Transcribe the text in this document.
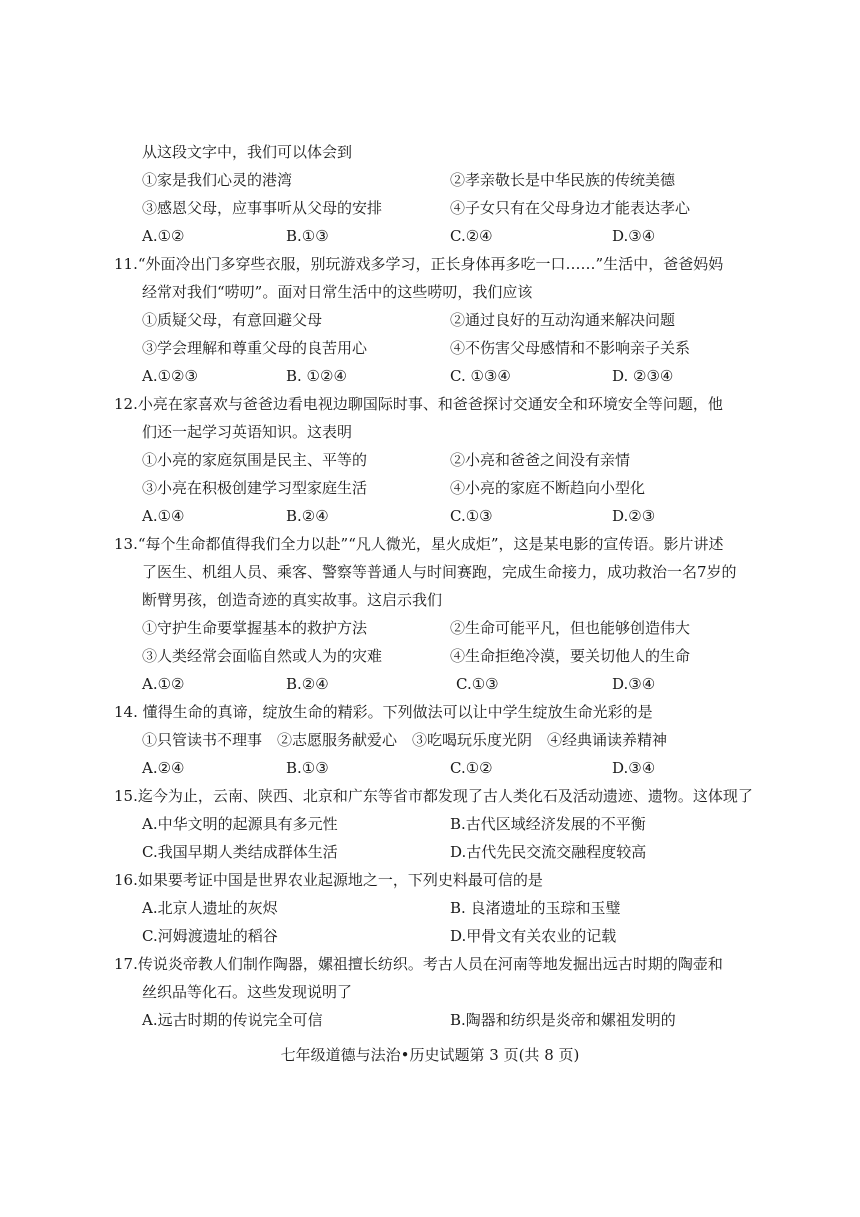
从这段文字中，我们可以体会到
①家是我们心灵的港湾	②孝亲敬长是中华民族的传统美德
③感恩父母，应事事听从父母的安排	④子女只有在父母身边才能表达孝心
A.①②	B.①③	C.②④	D.③④
11.“外面冷出门多穿些衣服，别玩游戏多学习，正长身体再多吃一口……”生活中，爸爸妈妈
经常对我们“唠叨”。面对日常生活中的这些唠叨，我们应该
①质疑父母，有意回避父母	②通过良好的互动沟通来解决问题
③学会理解和尊重父母的良苦用心	④不伤害父母感情和不影响亲子关系
A.①②③	B. ①②④	C. ①③④	D. ②③④
12.小亮在家喜欢与爸爸边看电视边聊国际时事、和爸爸探讨交通安全和环境安全等问题，他
们还一起学习英语知识。这表明
①小亮的家庭氛围是民主、平等的	②小亮和爸爸之间没有亲情
③小亮在积极创建学习型家庭生活	④小亮的家庭不断趋向小型化
A.①④	B.②④	C.①③	D.②③
13.“每个生命都值得我们全力以赴”“凡人微光，星火成炬”，这是某电影的宣传语。影片讲述
了医生、机组人员、乘客、警察等普通人与时间赛跑，完成生命接力，成功救治一名7岁的
断臂男孩，创造奇迹的真实故事。这启示我们
①守护生命要掌握基本的救护方法	②生命可能平凡，但也能够创造伟大
③人类经常会面临自然或人为的灾难	④生命拒绝冷漠，要关切他人的生命
A.①②	B.②④	C.①③	D.③④
14. 懂得生命的真谛，绽放生命的精彩。下列做法可以让中学生绽放生命光彩的是
①只管读书不理事　②志愿服务献爱心　③吃喝玩乐度光阴　④经典诵读养精神
A.②④	B.①③	C.①②	D.③④
15.迄今为止，云南、陕西、北京和广东等省市都发现了古人类化石及活动遗迹、遗物。这体现了
A.中华文明的起源具有多元性	B.古代区域经济发展的不平衡
C.我国早期人类结成群体生活	D.古代先民交流交融程度较高
16.如果要考证中国是世界农业起源地之一，下列史料最可信的是
A.北京人遗址的灰烬	B. 良渚遗址的玉琮和玉璧
C.河姆渡遗址的稻谷	D.甲骨文有关农业的记载
17.传说炎帝教人们制作陶器，嫘祖擅长纺织。考古人员在河南等地发掘出远古时期的陶壶和
丝织品等化石。这些发现说明了
A.远古时期的传说完全可信	B.陶器和纺织是炎帝和嫘祖发明的
七年级道德与法治•历史试题第 3 页(共 8 页)
